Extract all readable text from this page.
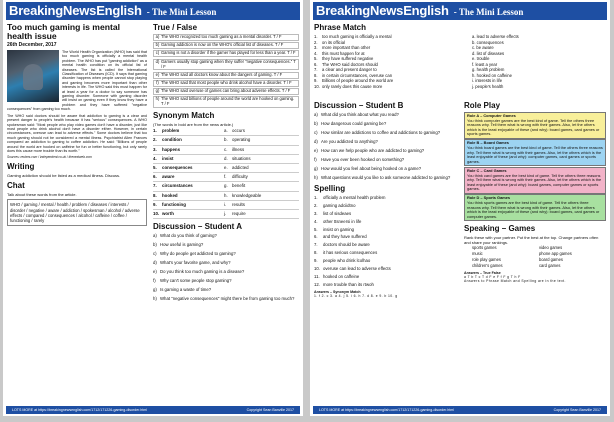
BreakingNewsEnglish - The Mini Lesson
Too much gaming is mental health issue
26th December, 2017

The World Health Organization (WHO) has said that too much gaming is officially a mental health problem. The WHO has put "gaming addiction" as a mental health condition on its official list of diseases. The list is called the International Classification of Diseases (ICD). It says that gaming disorder happens when people cannot stop playing and gaming becomes more important than other interests in life. The WHO said this must happen for at least a year for a doctor to say someone has gaming disorder. Someone with gaming disorder will insist on gaming even if they know they have a problem and they have suffered "negative consequences" from gaming too much.

The WHO said doctors should be aware that addiction to gaming is a clear and present danger to people's health because it has "serious" consequences. A WHO spokesman said: "Most people who play video games don't have a disorder, just like most people who drink alcohol don't have a disorder either. However, in certain circumstances, overuse can lead to adverse effects." Some doctors believe that too much gaming should not be considered a mental illness. Psychiatrist Allen Frances compared an addiction to gaming to coffee addiction. He said: "Billions of people around the world are hooked on caffeine for fun or better functioning, but only rarely does this cause more trouble than its worth."

Sources: reuters.com / independent.co.uk / thenextweb.com
Writing
Gaming addiction should be listed as a medical illness. Discuss.
Chat
Talk about these words from the article.
WHO / gaming / mental / health / problem / diseases / interests / disorder / negative / aware / addiction / spokesman / alcohol / adverse effects / compared / consequences / alcohol / caffeine / coffee / functioning / rarely
True / False
a) The WHO recognized too much gaming as a mental disorder. T / F
b) Gaming addiction is now on the WHO's official list of diseases. T / F
c) Gaming is not a disorder if the gamer has played for less than a year. T / F
d) Gamers usually stop gaming when they suffer "negative consequences." T / F
e) The WHO said all doctors know about the dangers of gaming. T / F
f) The WHO said that most people who drink alcohol have a disorder. T / F
g) The WHO said overuse of games can bring about adverse effects. T / F
h) The WHO said billions of people around the world are hooked on gaming. T / F
Synonym Match
(The words in bold are from the news article.)
1.	problem	a. occurs
2.	condition	b. operating
3.	happens	c.	illness
4.	insist	d. situations
5.	consequences	e. addicted
6.	aware	f.	difficulty
7.	circumstances	g. benefit
8.	hooked	h. knowledgeable
9.	functioning	i.	results
10. worth	j.	require
Discussion – Student A
a) What do you think of gaming?
b) How useful is gaming?
c) Why do people get addicted to gaming?
d) What's your favorite game, and why?
e) Do you think too much gaming is a disease?
f)	Why can't some people stop gaming?
g) Is gaming a waste of time?
h) What "negative consequences" might there be from gaming too much?
LOTS MORE at https://breakingnewsenglish.com/1712/171226-gaming-disorder.html	Copyright Sean Banville 2017
BreakingNewsEnglish - The Mini Lesson
Phrase Match
1.	too much gaming is officially a mental	a. lead to adverse effects
2.	on its official	b. consequences
3.	more important than other	c. be aware
4.	this must happen for at	d. list of diseases
5.	they have suffered negative	e. trouble
6.	The WHO said doctors should	f. least a year
7.	a clear and present danger to	g. health problem
8.	in certain circumstances, overuse can	h. hooked on caffeine
9.	Billions of people around the world are	i. interests in life
10. only rarely does this cause more	j. people's health
Discussion – Student B
a) What did you think about what you read?
b) How dangerous could gaming be?
c) How similar are addictions to coffee and addictions to gaming?
d) Are you addicted to anything?
e) How can we help people who are addicted to gaming?
f)	Have you ever been hooked on something?
g) How would you feel about being hooked on a game?
h) What questions would you like to ask someone addicted to gaming?
Spelling
1.	officially a mental health problem
2.	gaming adciidtno
3.	list of sisdeaes
4.	other ttsneersi in life
5.	insist on gaming
6.	and they have suffered
7.	doctors should be aware
8.	it has serious consequences
9.	people who drink lcolhao
10. overuse can lead to adverse effects
11. hooked on caffeine
12. more trouble than its rtwoh
Answers – Synonym Match
1. f 2. c 3. a 4. j 5. i 6. h 7. d 8. e 9. b 10. g
Role Play
Role A – Computer Games
You think computer games are the best kind of game. Tell the others three reasons why. Tell them what is wrong with their games. Also, let the others which is the least enjoyable of these (and why): board games, card games or sports games.
Role B – Board Games
You think board games are the best kind of game. Tell the others three reasons why. Tell them what is wrong with their games. Also, let the others which is the least enjoyable of these (and why): computer games, card games or sports games.
Role C – Card Games
You think card games are the best kind of game. Tell the others three reasons why. Tell them what is wrong with their games. Also, let the others which is the least enjoyable of these (and why): board games, computer games or sports games.
Role D – Sports Games
You think sports games are the best kind of game. Tell the others three reasons why. Tell them what is wrong with their games. Also, let the others which is the least enjoyable of these (and why): board games, card games or computer games.
Speaking – Games
Rank these with your partner. Put the best at the top. Change partners often and share your rankings.
sports games	video games
music	phone app games
role play games	board games
children's games	card games
Answers – True False
a T b T c T d F e F f F g T h F
Answers to Phrase Match and Spelling are in the text.
LOTS MORE at https://breakingnewsenglish.com/1712/171226-gaming-disorder.html	Copyright Sean Banville 2017
